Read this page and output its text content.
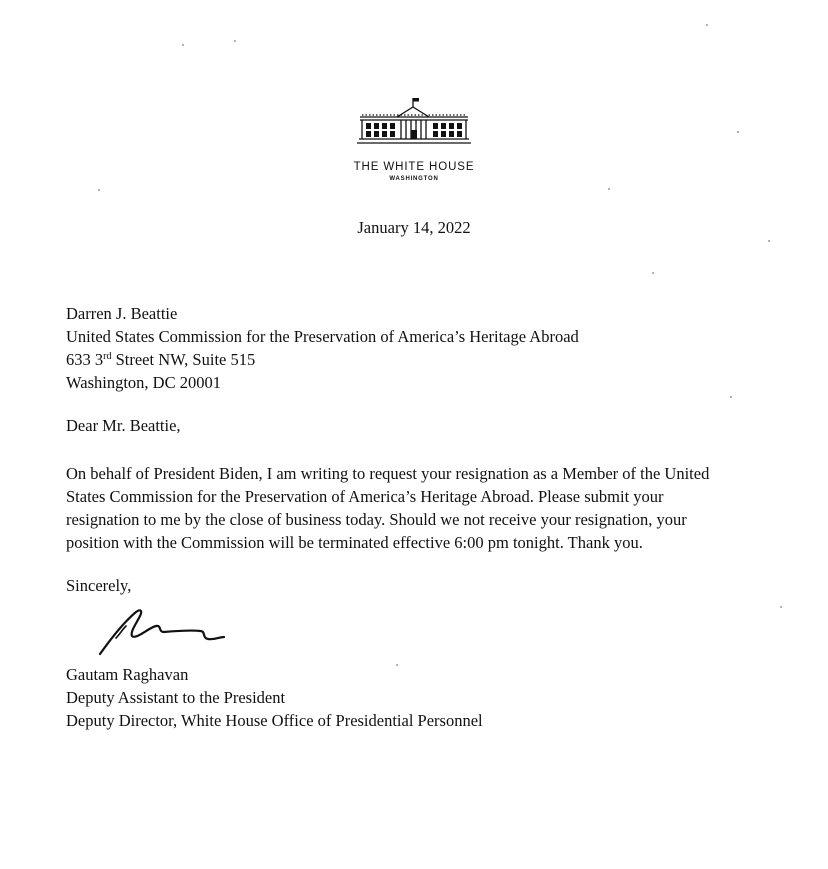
THE WHITE HOUSE
WASHINGTON
January 14, 2022
Darren J. Beattie
United States Commission for the Preservation of America’s Heritage Abroad
633 3rd Street NW, Suite 515
Washington, DC 20001
Dear Mr. Beattie,
On behalf of President Biden, I am writing to request your resignation as a Member of the United
States Commission for the Preservation of America’s Heritage Abroad. Please submit your
resignation to me by the close of business today. Should we not receive your resignation, your
position with the Commission will be terminated effective 6:00 pm tonight. Thank you.
Sincerely,
Gautam Raghavan
Deputy Assistant to the President
Deputy Director, White House Office of Presidential Personnel
